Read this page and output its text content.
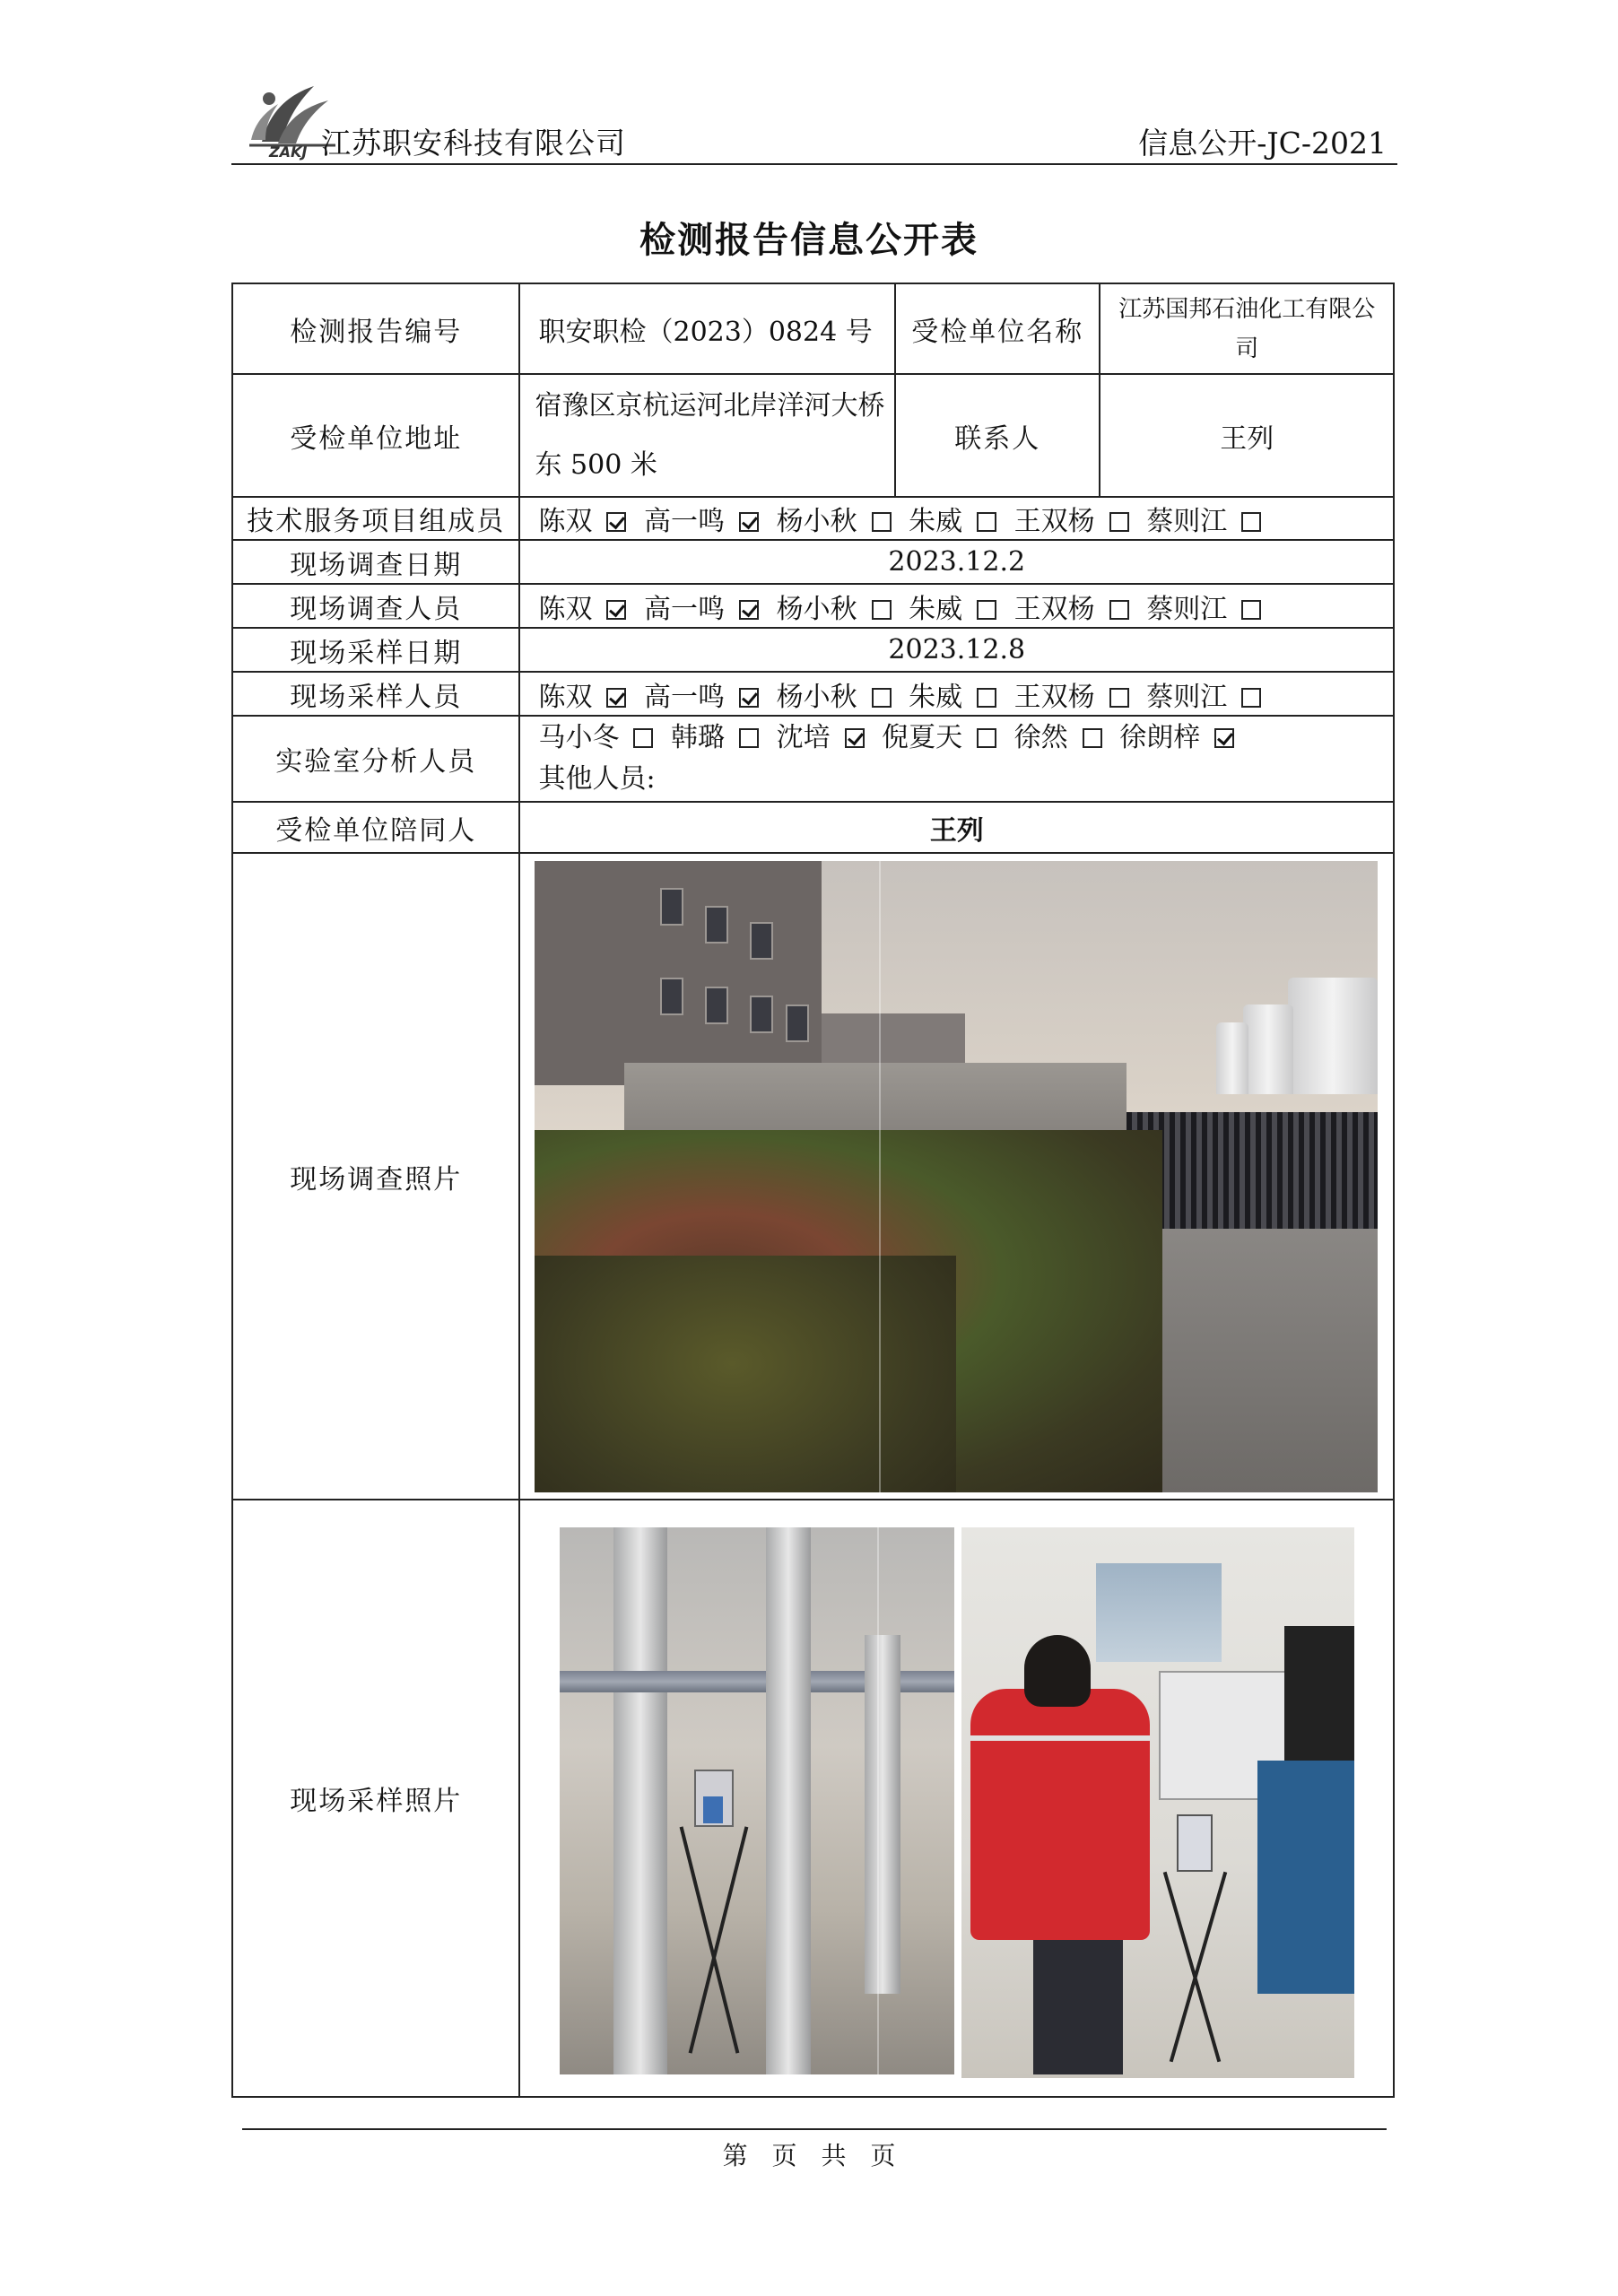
ZAKJ 江苏职安科技有限公司	信息公开-JC-2021
检测报告信息公开表
检测报告编号	职安职检（2023）0824 号	受检单位名称	江苏国邦石油化工有限公司
受检单位地址	宿豫区京杭运河北岸洋河大桥东 500 米	联系人	王列
技术服务项目组成员	陈双 高一鸣 杨小秋 朱威 王双杨 蔡则江		
现场调查日期	2023.12.2		
现场调查人员	陈双 高一鸣 杨小秋 朱威 王双杨 蔡则江		
现场采样日期	2023.12.8		
现场采样人员	陈双 高一鸣 杨小秋 朱威 王双杨 蔡则江		
实验室分析人员	马小冬 韩璐 沈培 倪夏天 徐然 徐朗梓
其他人员:		

受检单位陪同人	王列		
现场调查照片			

现场采样照片			
第 页 共 页
